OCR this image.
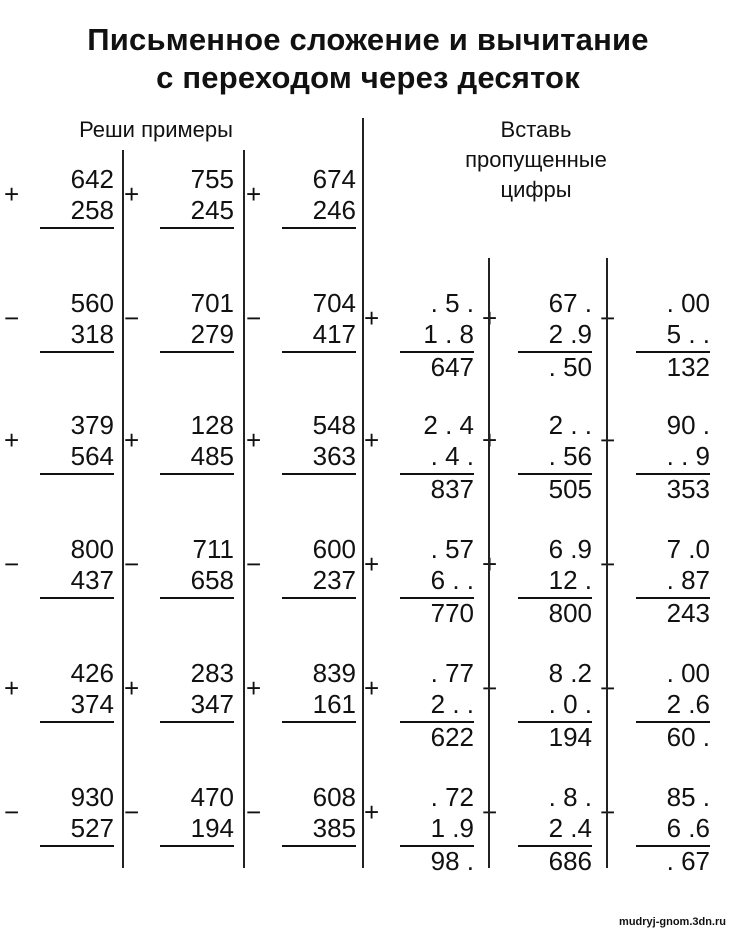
Письменное сложение и вычитание
с переходом через десяток
Реши примеры	Вставь
пропущенные
цифры
+ 642
258
+ 755
245
+ 674
246
− 560
318
− 701
279
− 704
417
+ 379
564
+ 128
485
+ 548
363
− 800
437
− 711
658
− 600
237
+ 426
374
+ 283
347
+ 839
161
− 930
527
− 470
194
− 608
385
+ . 5 .
1 . 8
647
+ 67 .
2 .9
. 50
− . 00
5 . .
132
+ 2 . 4
. 4 .
837
+ 2 . .
. 56
505
− 90 .
. . 9
353
+ . 57
6 . .
770
+ 6 .9
12 .
800
− 7 .0
. 87
243
+ . 77
2 . .
622
− 8 .2
. 0 .
194
− . 00
2 .6
60 .
+ . 72
1 .9
98 .
− . 8 .
2 .4
686
− 85 .
6 .6
. 67
mudryj-gnom.3dn.ru
